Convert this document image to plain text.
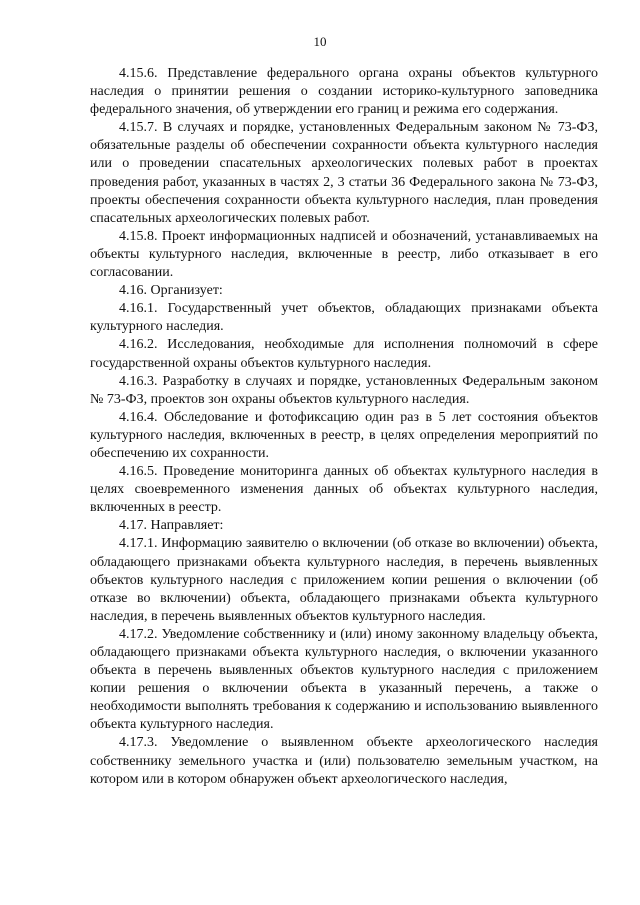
10

4.15.6. Представление федерального органа охраны объектов культурного наследия о принятии решения о создании историко-культурного заповедника федерального значения, об утверждении его границ и режима его содержания.

4.15.7. В случаях и порядке, установленных Федеральным законом № 73-ФЗ, обязательные разделы об обеспечении сохранности объекта культурного наследия или о проведении спасательных археологических полевых работ в проектах проведения работ, указанных в частях 2, 3 статьи 36 Федерального закона № 73-ФЗ, проекты обеспечения сохранности объекта культурного наследия, план проведения спасательных археологических полевых работ.

4.15.8. Проект информационных надписей и обозначений, устанавливаемых на объекты культурного наследия, включенные в реестр, либо отказывает в его согласовании.

4.16. Организует:

4.16.1. Государственный учет объектов, обладающих признаками объекта культурного наследия.

4.16.2. Исследования, необходимые для исполнения полномочий в сфере государственной охраны объектов культурного наследия.

4.16.3. Разработку в случаях и порядке, установленных Федеральным законом № 73-ФЗ, проектов зон охраны объектов культурного наследия.

4.16.4. Обследование и фотофиксацию один раз в 5 лет состояния объектов культурного наследия, включенных в реестр, в целях определения мероприятий по обеспечению их сохранности.

4.16.5. Проведение мониторинга данных об объектах культурного наследия в целях своевременного изменения данных об объектах культурного наследия, включенных в реестр.

4.17. Направляет:

4.17.1. Информацию заявителю о включении (об отказе во включении) объекта, обладающего признаками объекта культурного наследия, в перечень выявленных объектов культурного наследия с приложением копии решения о включении (об отказе во включении) объекта, обладающего признаками объекта культурного наследия, в перечень выявленных объектов культурного наследия.

4.17.2. Уведомление собственнику и (или) иному законному владельцу объекта, обладающего признаками объекта культурного наследия, о включении указанного объекта в перечень выявленных объектов культурного наследия с приложением копии решения о включении объекта в указанный перечень, а также о необходимости выполнять требования к содержанию и использованию выявленного объекта культурного наследия.

4.17.3. Уведомление о выявленном объекте археологического наследия собственнику земельного участка и (или) пользователю земельным участком, на котором или в котором обнаружен объект археологического наследия,
